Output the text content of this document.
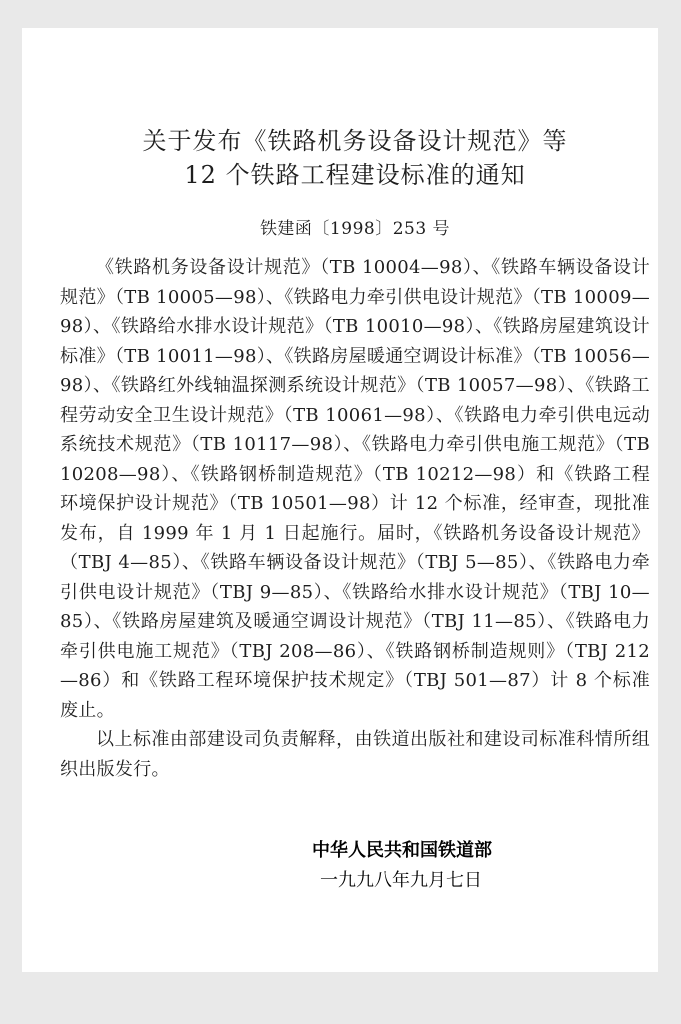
关于发布《铁路机务设备设计规范》等
12 个铁路工程建设标准的通知
铁建函〔1998〕253 号

《铁路机务设备设计规范》（TB 10004—98）、《铁路车辆设备设计规范》（TB 10005—98）、《铁路电力牵引供电设计规范》（TB 10009—98）、《铁路给水排水设计规范》（TB 10010—98）、《铁路房屋建筑设计标准》（TB 10011—98）、《铁路房屋暖通空调设计标准》（TB 10056—98）、《铁路红外线轴温探测系统设计规范》（TB 10057—98）、《铁路工程劳动安全卫生设计规范》（TB 10061—98）、《铁路电力牵引供电远动系统技术规范》（TB 10117—98）、《铁路电力牵引供电施工规范》（TB 10208—98）、《铁路钢桥制造规范》（TB 10212—98）和《铁路工程环境保护设计规范》（TB 10501—98）计 12 个标准，经审查，现批准发布，自 1999 年 1 月 1 日起施行。届时，《铁路机务设备设计规范》（TBJ 4—85）、《铁路车辆设备设计规范》（TBJ 5—85）、《铁路电力牵引供电设计规范》（TBJ 9—85）、《铁路给水排水设计规范》（TBJ 10—85）、《铁路房屋建筑及暖通空调设计规范》（TBJ 11—85）、《铁路电力牵引供电施工规范》（TBJ 208—86）、《铁路钢桥制造规则》（TBJ 212—86）和《铁路工程环境保护技术规定》（TBJ 501—87）计 8 个标准废止。

以上标准由部建设司负责解释，由铁道出版社和建设司标准科情所组织出版发行。

中华人民共和国铁道部
一九九八年九月七日
